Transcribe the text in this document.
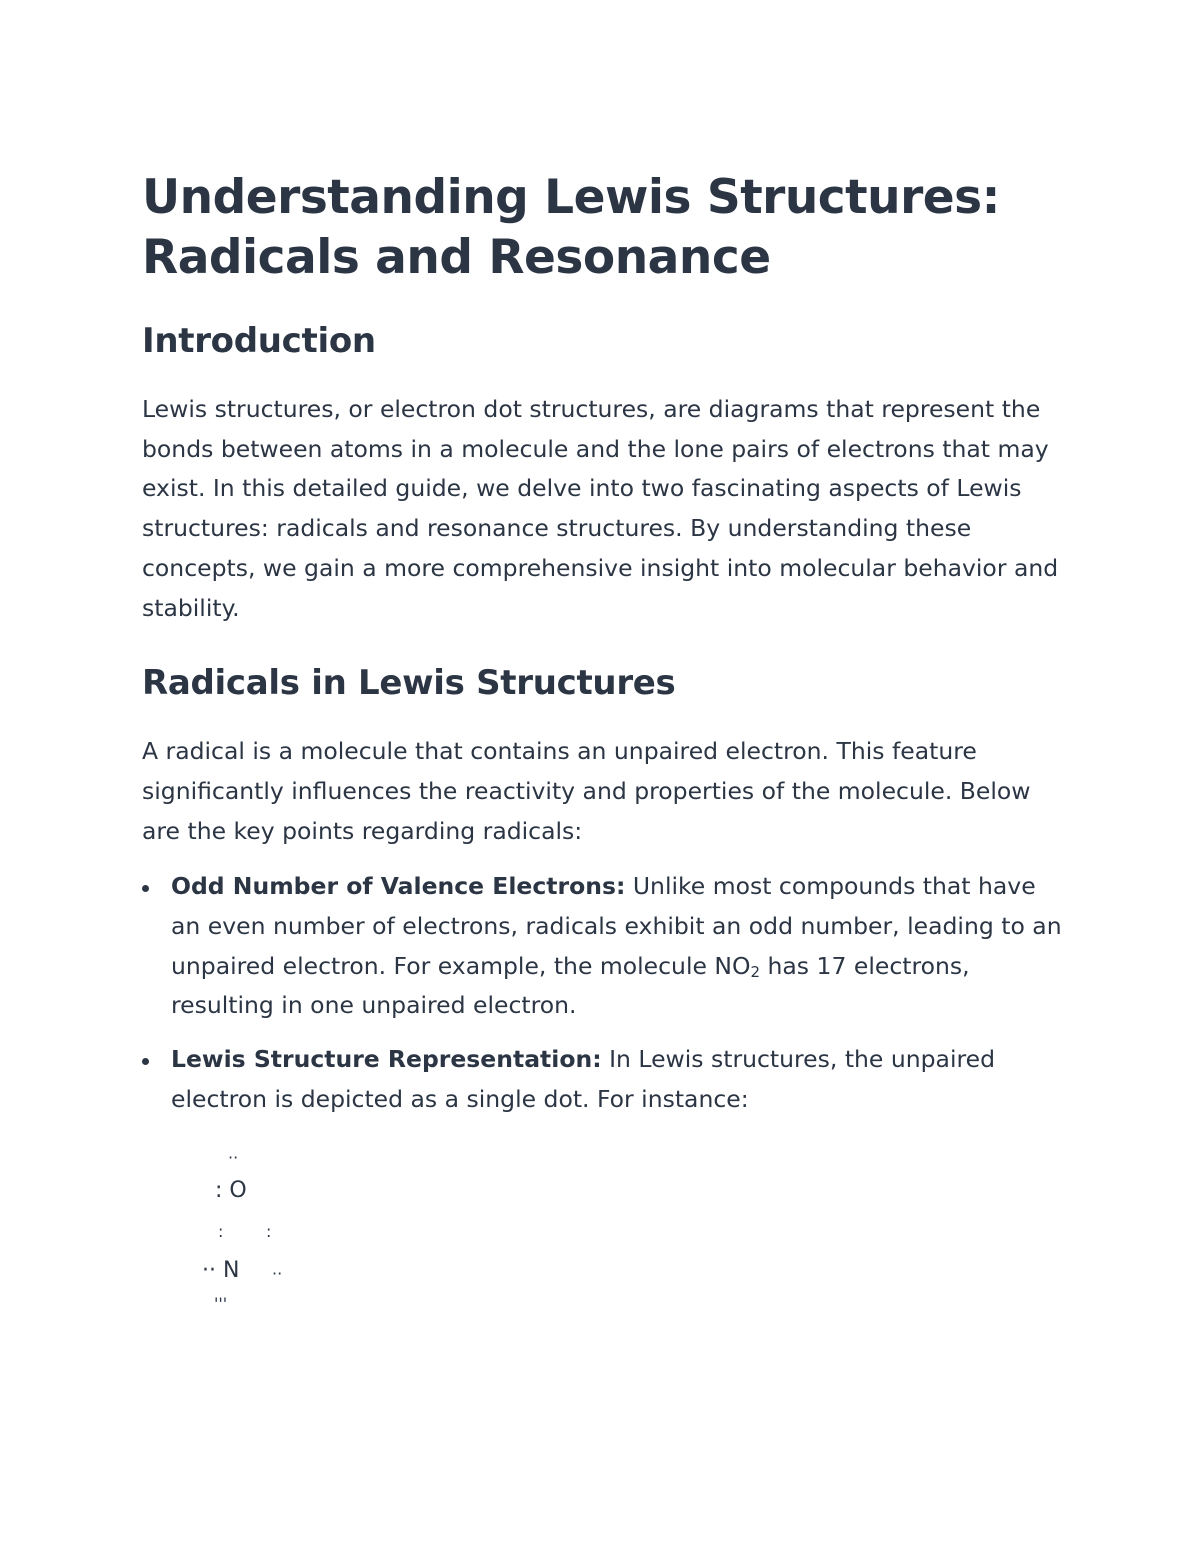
Understanding Lewis Structures:
Radicals and Resonance
Introduction

Lewis structures, or electron dot structures, are diagrams that represent the bonds between atoms in a molecule and the lone pairs of electrons that may exist. In this detailed guide, we delve into two fascinating aspects of Lewis structures: radicals and resonance structures. By understanding these concepts, we gain a more comprehensive insight into molecular behavior and stability.

Radicals in Lewis Structures

A radical is a molecule that contains an unpaired electron. This feature significantly influences the reactivity and properties of the molecule. Below are the key points regarding radicals:

Odd Number of Valence Electrons: Unlike most compounds that have an even number of electrons, radicals exhibit an odd number, leading to an unpaired electron. For example, the molecule $NO_2$ has 17 electrons, resulting in one unpaired electron.
Lewis Structure Representation: In Lewis structures, the unpaired electron is depicted as a single dot. For instance:
··
: O
:	:
·· N ··
'''
